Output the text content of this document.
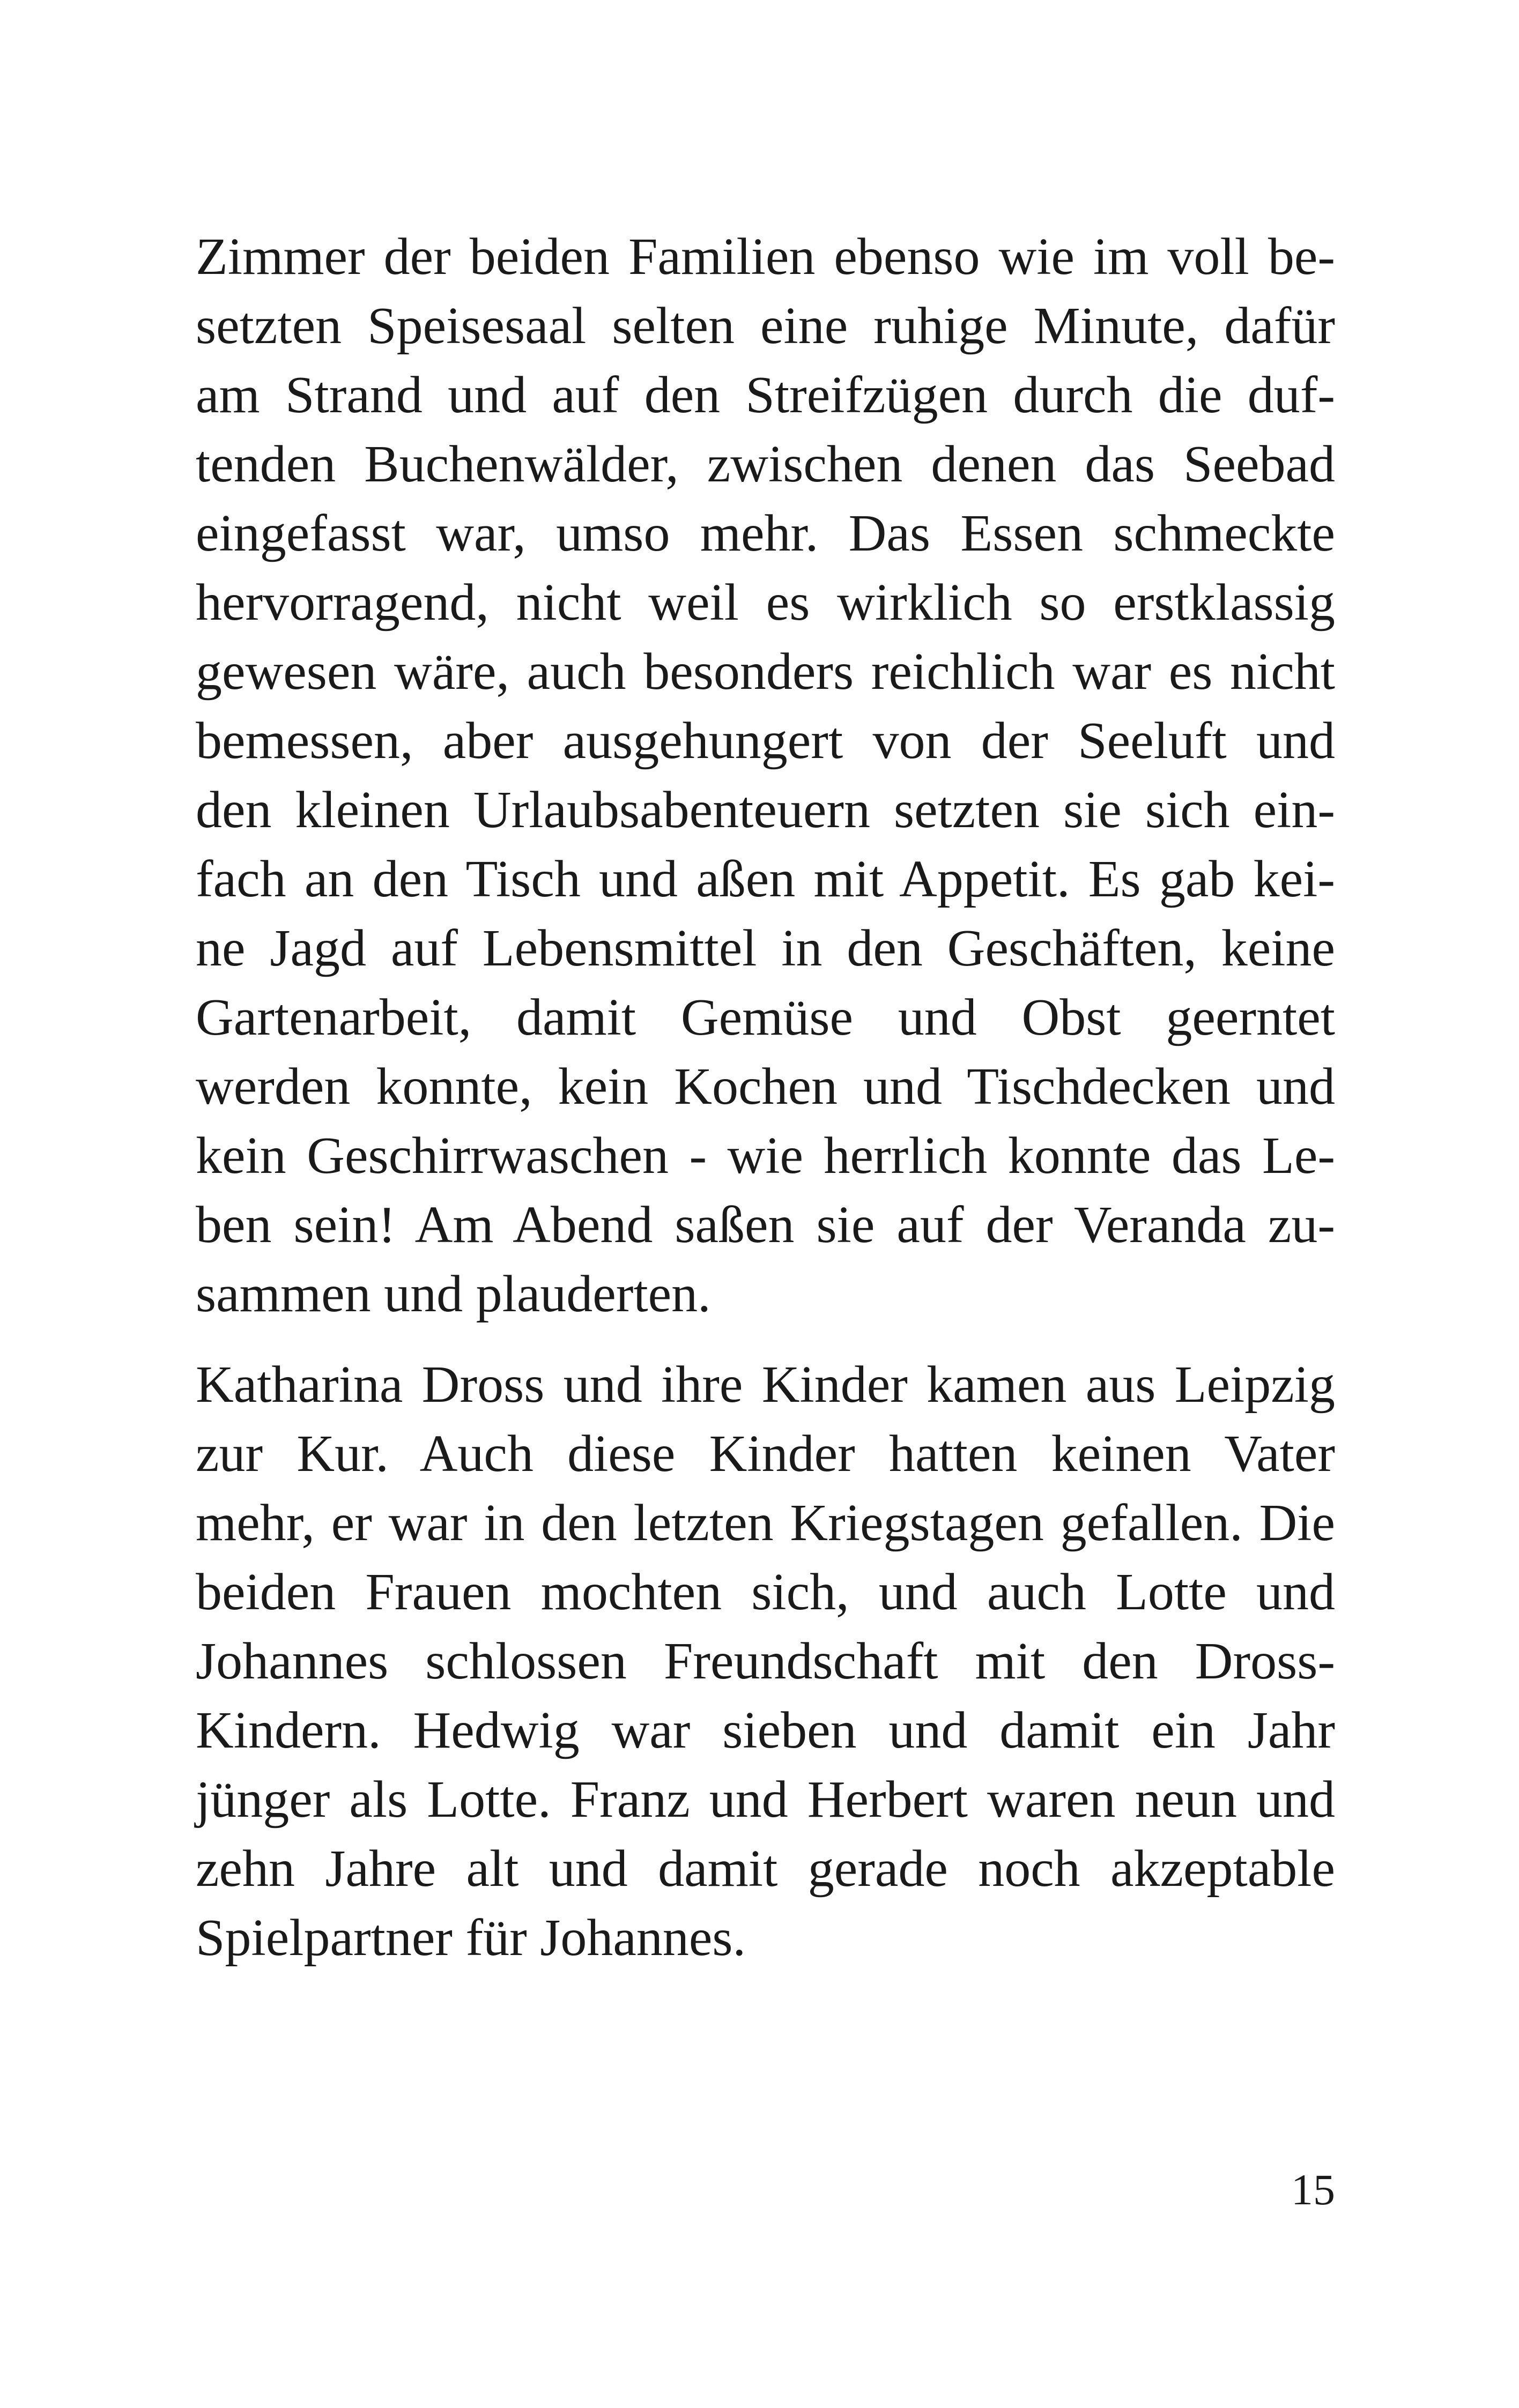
Zimmer der beiden Familien ebenso wie im voll be-
setzten Speisesaal selten eine ruhige Minute, dafür
am Strand und auf den Streifzügen durch die duf-
tenden Buchenwälder, zwischen denen das Seebad
eingefasst war, umso mehr. Das Essen schmeckte
hervorragend, nicht weil es wirklich so erstklassig
gewesen wäre, auch besonders reichlich war es nicht
bemessen, aber ausgehungert von der Seeluft und
den kleinen Urlaubsabenteuern setzten sie sich ein-
fach an den Tisch und aßen mit Appetit. Es gab kei-
ne Jagd auf Lebensmittel in den Geschäften, keine
Gartenarbeit, damit Gemüse und Obst geerntet
werden konnte, kein Kochen und Tischdecken und
kein Geschirrwaschen - wie herrlich konnte das Le-
ben sein! Am Abend saßen sie auf der Veranda zu-
sammen und plauderten.

Katharina Dross und ihre Kinder kamen aus Leipzig
zur Kur. Auch diese Kinder hatten keinen Vater
mehr, er war in den letzten Kriegstagen gefallen. Die
beiden Frauen mochten sich, und auch Lotte und
Johannes schlossen Freundschaft mit den Dross-
Kindern. Hedwig war sieben und damit ein Jahr
jünger als Lotte. Franz und Herbert waren neun und
zehn Jahre alt und damit gerade noch akzeptable
Spielpartner für Johannes.

15
